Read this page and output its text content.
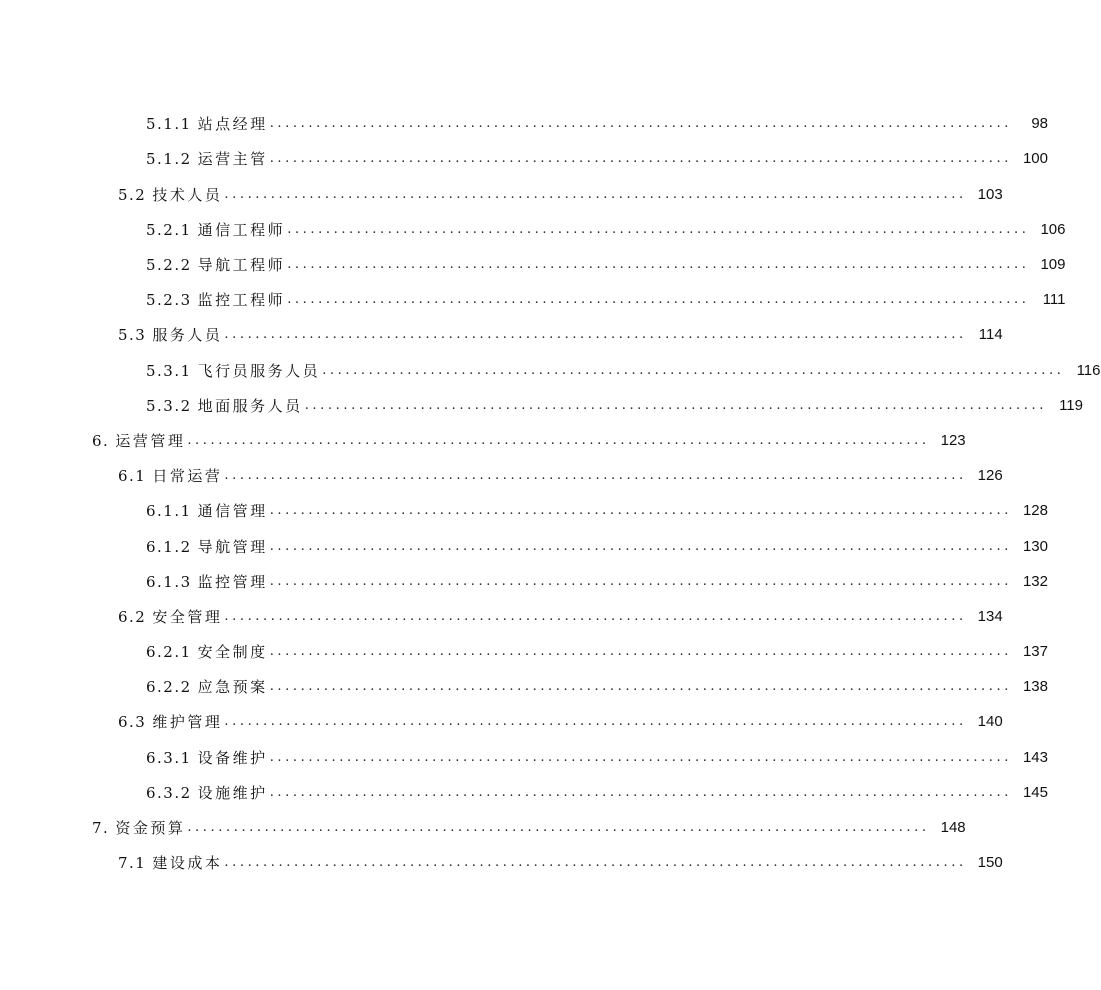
5.1.1 站点经理 ................................................................................................	98
5.1.2 运营主管 ................................................................................................ 100
5.2 技术人员 ................................................................................................ 103
5.2.1 通信工程师 ................................................................................................ 106
5.2.2 导航工程师 ................................................................................................ 109
5.2.3 监控工程师 ................................................................................................ 111
5.3 服务人员 ................................................................................................ 114
5.3.1 飞行员服务人员 ................................................................................................ 116
5.3.2 地面服务人员 ................................................................................................ 119
6. 运营管理 ................................................................................................ 123
6.1 日常运营 ................................................................................................ 126
6.1.1 通信管理 ................................................................................................ 128
6.1.2 导航管理 ................................................................................................ 130
6.1.3 监控管理 ................................................................................................ 132
6.2 安全管理 ................................................................................................ 134
6.2.1 安全制度 ................................................................................................ 137
6.2.2 应急预案 ................................................................................................ 138
6.3 维护管理 ................................................................................................ 140
6.3.1 设备维护 ................................................................................................ 143
6.3.2 设施维护 ................................................................................................ 145
7. 资金预算 ................................................................................................ 148
7.1 建设成本 ................................................................................................ 150
